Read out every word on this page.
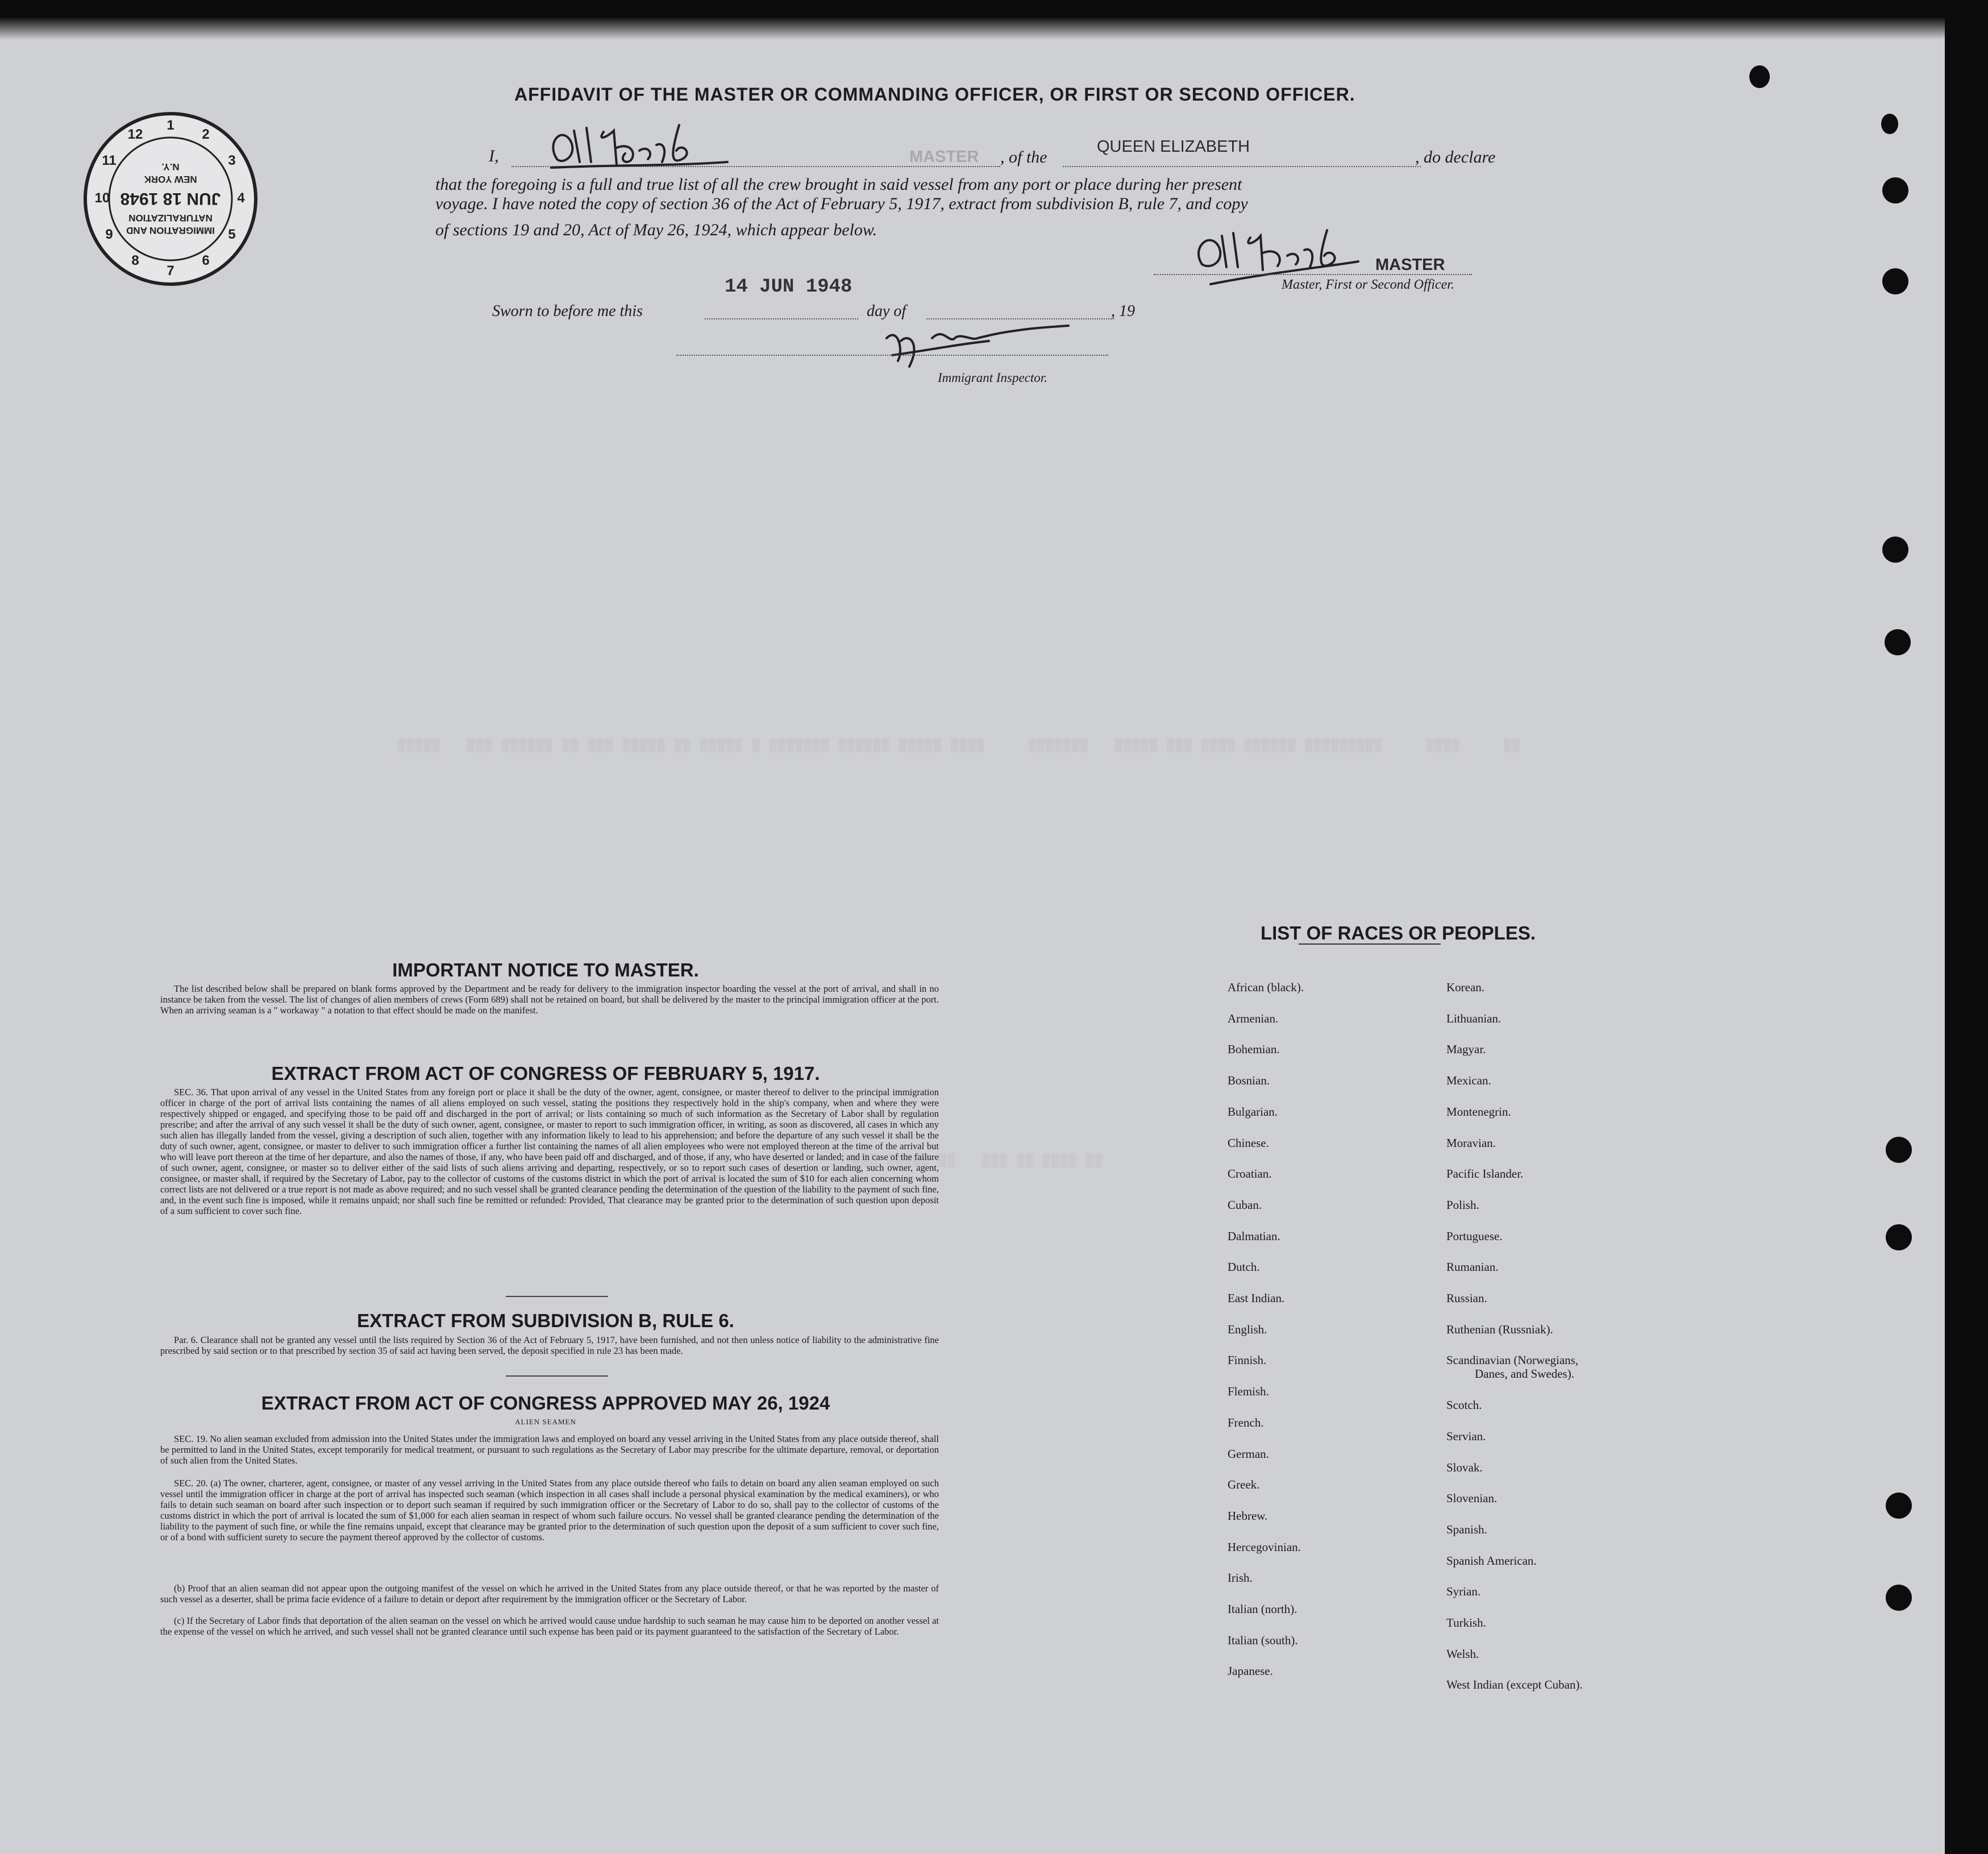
▒▒▒▒▒   ▒▒▒ ▒▒▒▒▒▒ ▒▒ ▒▒▒ ▒▒▒▒▒ ▒▒ ▒▒▒▒▒ ▒ ▒▒▒▒▒▒▒ ▒▒▒▒▒▒ ▒▒▒▒▒ ▒▒▒▒     ▒▒▒▒▒▒▒   ▒▒▒▒▒ ▒▒▒ ▒▒▒▒ ▒▒▒▒▒▒ ▒▒▒▒▒▒▒▒▒     ▒▒▒▒     ▒▒
▒▒▒ ▒▒▒▒▒ ▒▒   ▒▒▒ ▒▒ ▒▒▒▒ ▒▒
1
2
3
4
5
6
7
8
9
10
11
12
IMMIGRATION AND
NATURALIZATION
JUN 18 1948
NEW YORK
N.Y.
AFFIDAVIT OF THE MASTER OR COMMANDING OFFICER, OR FIRST OR SECOND OFFICER.
I,	MASTER , of the
QUEEN ELIZABETH
, do declare
that the foregoing is a full and true list of all the crew brought in said vessel from any port or place during her present
voyage. I have noted the copy of section 36 of the Act of February 5, 1917, extract from subdivision B, rule 7, and copy
of sections 19 and 20, Act of May 26, 1924, which appear below.
MASTER
Master, First or Second Officer.
14 JUN 1948
Sworn to before me this	day of	, 19
Immigrant Inspector.
IMPORTANT NOTICE TO MASTER.
The list described below shall be prepared on blank forms approved by the Department and be ready for delivery to the immigration inspector boarding the vessel at the port of arrival, and shall in no instance be taken from the vessel. The list of changes of alien members of crews (Form 689) shall not be retained on board, but shall be delivered by the master to the principal immigration officer at the port. When an arriving seaman is a " workaway " a notation to that effect should be made on the manifest.
EXTRACT FROM ACT OF CONGRESS OF FEBRUARY 5, 1917.
SEC. 36. That upon arrival of any vessel in the United States from any foreign port or place it shall be the duty of the owner, agent, consignee, or master thereof to deliver to the principal immigration officer in charge of the port of arrival lists containing the names of all aliens employed on such vessel, stating the positions they respectively hold in the ship's company, when and where they were respectively shipped or engaged, and specifying those to be paid off and discharged in the port of arrival; or lists containing so much of such information as the Secretary of Labor shall by regulation prescribe; and after the arrival of any such vessel it shall be the duty of such owner, agent, consignee, or master to report to such immigration officer, in writing, as soon as discovered, all cases in which any such alien has illegally landed from the vessel, giving a description of such alien, together with any information likely to lead to his apprehension; and before the departure of any such vessel it shall be the duty of such owner, agent, consignee, or master to deliver to such immigration officer a further list containing the names of all alien employees who were not employed thereon at the time of the arrival but who will leave port thereon at the time of her departure, and also the names of those, if any, who have been paid off and discharged, and of those, if any, who have deserted or landed; and in case of the failure of such owner, agent, consignee, or master so to deliver either of the said lists of such aliens arriving and departing, respectively, or so to report such cases of desertion or landing, such owner, agent, consignee, or master shall, if required by the Secretary of Labor, pay to the collector of customs of the customs district in which the port of arrival is located the sum of $10 for each alien concerning whom correct lists are not delivered or a true report is not made as above required; and no such vessel shall be granted clearance pending the determination of the question of the liability to the payment of such fine, and, in the event such fine is imposed, while it remains unpaid; nor shall such fine be remitted or refunded: Provided, That clearance may be granted prior to the determination of such question upon deposit of a sum sufficient to cover such fine.
EXTRACT FROM SUBDIVISION B, RULE 6.
Par. 6. Clearance shall not be granted any vessel until the lists required by Section 36 of the Act of February 5, 1917, have been furnished, and not then unless notice of liability to the administrative fine prescribed by said section or to that prescribed by section 35 of said act having been served, the deposit specified in rule 23 has been made.
EXTRACT FROM ACT OF CONGRESS APPROVED MAY 26, 1924
ALIEN SEAMEN
SEC. 19. No alien seaman excluded from admission into the United States under the immigration laws and employed on board any vessel arriving in the United States from any place outside thereof, shall be permitted to land in the United States, except temporarily for medical treatment, or pursuant to such regulations as the Secretary of Labor may prescribe for the ultimate departure, removal, or deportation of such alien from the United States.
SEC. 20. (a) The owner, charterer, agent, consignee, or master of any vessel arriving in the United States from any place outside thereof who fails to detain on board any alien seaman employed on such vessel until the immigration officer in charge at the port of arrival has inspected such seaman (which inspection in all cases shall include a personal physical examination by the medical examiners), or who fails to detain such seaman on board after such inspection or to deport such seaman if required by such immigration officer or the Secretary of Labor to do so, shall pay to the collector of customs of the customs district in which the port of arrival is located the sum of $1,000 for each alien seaman in respect of whom such failure occurs. No vessel shall be granted clearance pending the determination of the liability to the payment of such fine, or while the fine remains unpaid, except that clearance may be granted prior to the determination of such question upon the deposit of a sum sufficient to cover such fine, or of a bond with sufficient surety to secure the payment thereof approved by the collector of customs.
(b) Proof that an alien seaman did not appear upon the outgoing manifest of the vessel on which he arrived in the United States from any place outside thereof, or that he was reported by the master of such vessel as a deserter, shall be prima facie evidence of a failure to detain or deport after requirement by the immigration officer or the Secretary of Labor.
(c) If the Secretary of Labor finds that deportation of the alien seaman on the vessel on which he arrived would cause undue hardship to such seaman he may cause him to be deported on another vessel at the expense of the vessel on which he arrived, and such vessel shall not be granted clearance until such expense has been paid or its payment guaranteed to the satisfaction of the Secretary of Labor.
LIST OF RACES OR PEOPLES.
African (black).
Armenian.
Bohemian.
Bosnian.
Bulgarian.
Chinese.
Croatian.
Cuban.
Dalmatian.
Dutch.
East Indian.
English.
Finnish.
Flemish.
French.
German.
Greek.
Hebrew.
Hercegovinian.
Irish.
Italian (north).
Italian (south).
Japanese.
Korean.
Lithuanian.
Magyar.
Mexican.
Montenegrin.
Moravian.
Pacific Islander.
Polish.
Portuguese.
Rumanian.
Russian.
Ruthenian (Russniak).
Scandinavian (Norwegians,
Danes, and Swedes).
Scotch.
Servian.
Slovak.
Slovenian.
Spanish.
Spanish American.
Syrian.
Turkish.
Welsh.
West Indian (except Cuban).
